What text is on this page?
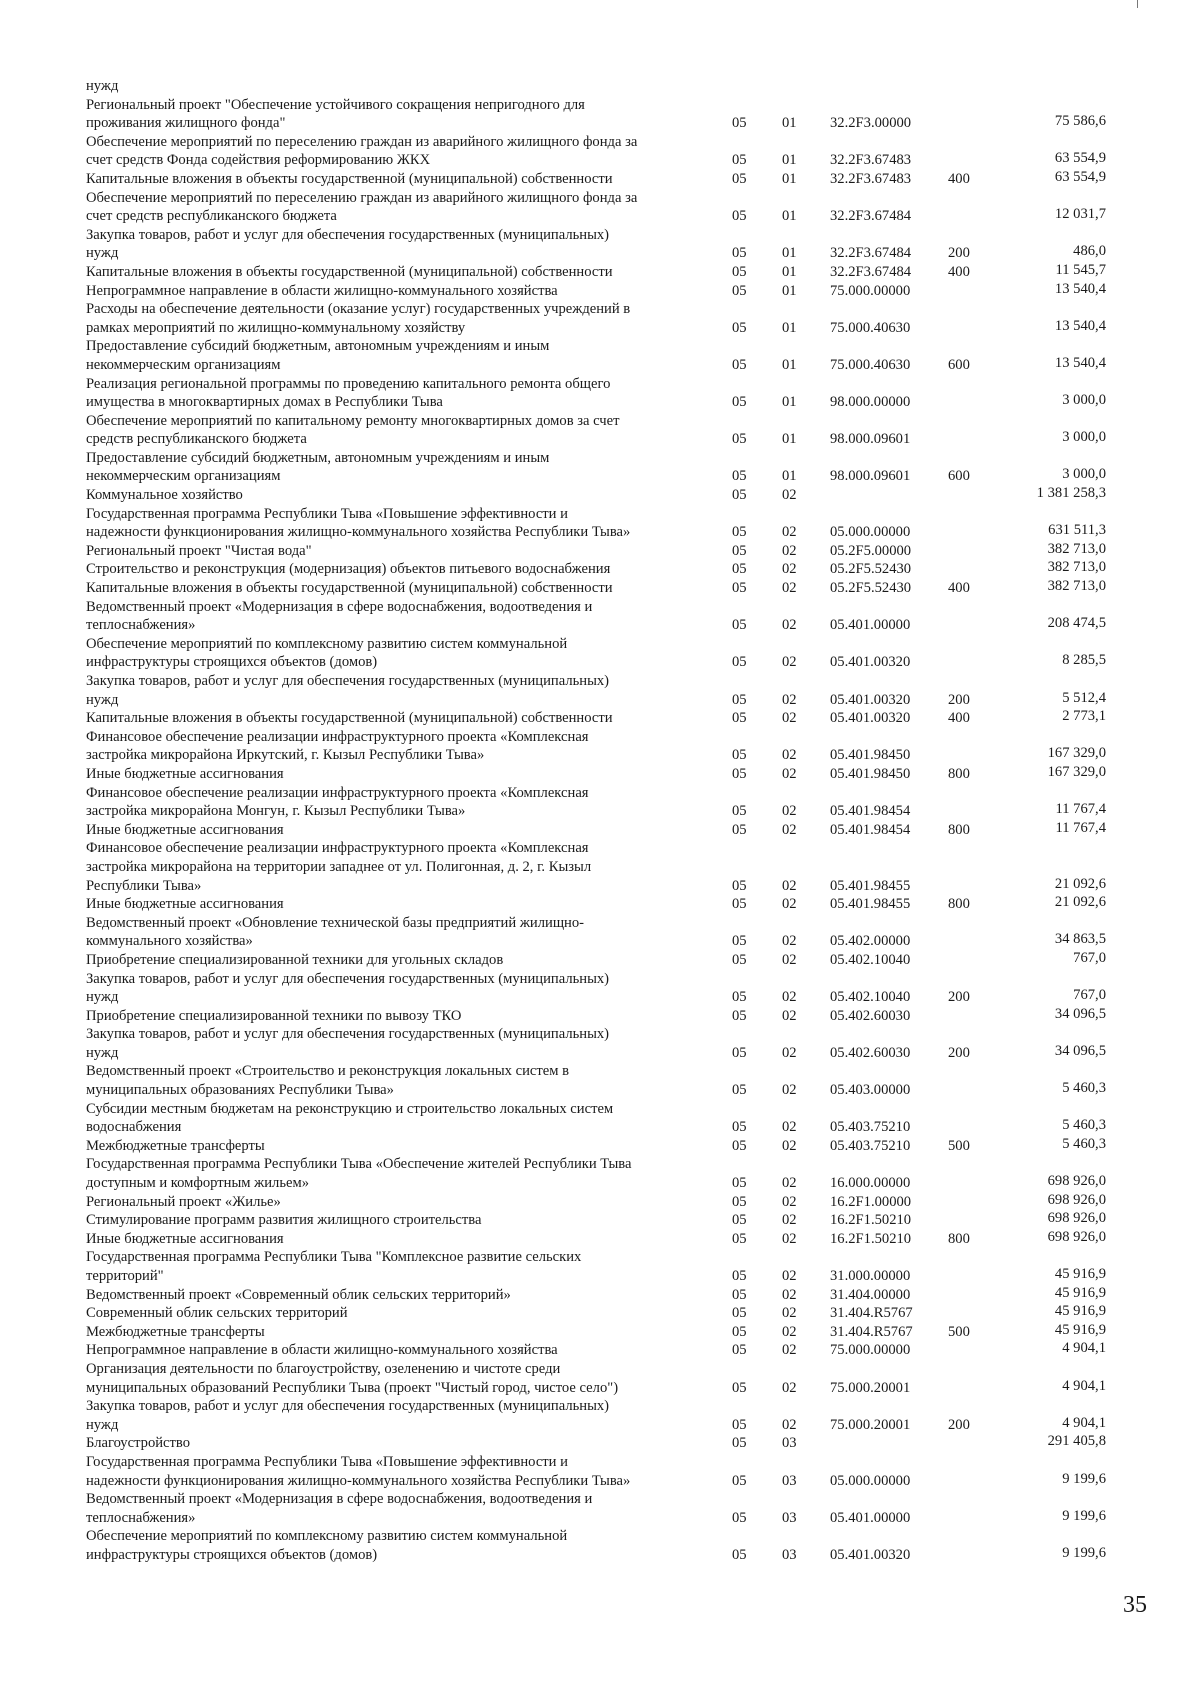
нужд
Региональный проект "Обеспечение устойчивого сокращения непригодного для
проживания жилищного фонда"	05 01 32.2F3.00000	75 586,6
Обеспечение мероприятий по переселению граждан из аварийного жилищного фонда за
счет средств Фонда содействия реформированию ЖКХ	05 01 32.2F3.67483	63 554,9
Капитальные вложения в объекты государственной (муниципальной) собственности	05 01 32.2F3.67483	400	63 554,9
Обеспечение мероприятий по переселению граждан из аварийного жилищного фонда за
счет средств республиканского бюджета	05 01 32.2F3.67484	12 031,7
Закупка товаров, работ и услуг для обеспечения государственных (муниципальных)
нужд	05 01 32.2F3.67484	200	486,0
Капитальные вложения в объекты государственной (муниципальной) собственности	05 01 32.2F3.67484	400	11 545,7
Непрограммное направление в области жилищно-коммунального хозяйства	05 01 75.000.00000	13 540,4
Расходы на обеспечение деятельности (оказание услуг) государственных учреждений в
рамках мероприятий по жилищно-коммунальному хозяйству	05 01 75.000.40630	13 540,4
Предоставление субсидий бюджетным, автономным учреждениям и иным
некоммерческим организациям	05 01 75.000.40630	600	13 540,4
Реализация региональной программы по проведению капитального ремонта общего
имущества в многоквартирных домах в Республики Тыва	05 01 98.000.00000	3 000,0
Обеспечение мероприятий по капитальному ремонту многоквартирных домов за счет
средств республиканского бюджета	05 01 98.000.09601	3 000,0
Предоставление субсидий бюджетным, автономным учреждениям и иным
некоммерческим организациям	05 01 98.000.09601	600	3 000,0
Коммунальное хозяйство	05 02	1 381 258,3
Государственная программа Республики Тыва «Повышение эффективности и
надежности функционирования жилищно-коммунального хозяйства Республики Тыва»	05 02 05.000.00000	631 511,3
Региональный проект "Чистая вода"	05 02 05.2F5.00000	382 713,0
Строительство и реконструкция (модернизация) объектов питьевого водоснабжения	05 02 05.2F5.52430	382 713,0
Капитальные вложения в объекты государственной (муниципальной) собственности	05 02 05.2F5.52430	400	382 713,0
Ведомственный проект «Модернизация в сфере водоснабжения, водоотведения и
теплоснабжения»	05 02 05.401.00000	208 474,5
Обеспечение мероприятий по комплексному развитию систем коммунальной
инфраструктуры строящихся объектов (домов)	05 02 05.401.00320	8 285,5
Закупка товаров, работ и услуг для обеспечения государственных (муниципальных)
нужд	05 02 05.401.00320	200	5 512,4
Капитальные вложения в объекты государственной (муниципальной) собственности	05 02 05.401.00320	400	2 773,1
Финансовое обеспечение реализации инфраструктурного проекта «Комплексная
застройка микрорайона Иркутский, г. Кызыл Республики Тыва»	05 02 05.401.98450	167 329,0
Иные бюджетные ассигнования	05 02 05.401.98450	800	167 329,0
Финансовое обеспечение реализации инфраструктурного проекта «Комплексная
застройка микрорайона Монгун, г. Кызыл Республики Тыва»	05 02 05.401.98454	11 767,4
Иные бюджетные ассигнования	05 02 05.401.98454	800	11 767,4
Финансовое обеспечение реализации инфраструктурного проекта «Комплексная
застройка микрорайона на территории западнее от ул. Полигонная, д. 2, г. Кызыл
Республики Тыва»	05 02 05.401.98455	21 092,6
Иные бюджетные ассигнования	05 02 05.401.98455	800	21 092,6
Ведомственный проект «Обновление технической базы предприятий жилищно-
коммунального хозяйства»	05 02 05.402.00000	34 863,5
Приобретение специализированной техники для угольных складов	05 02 05.402.10040	767,0
Закупка товаров, работ и услуг для обеспечения государственных (муниципальных)
нужд	05 02 05.402.10040	200	767,0
Приобретение специализированной техники по вывозу ТКО	05 02 05.402.60030	34 096,5
Закупка товаров, работ и услуг для обеспечения государственных (муниципальных)
нужд	05 02 05.402.60030	200	34 096,5
Ведомственный проект «Строительство и реконструкция локальных систем в
муниципальных образованиях Республики Тыва»	05 02 05.403.00000	5 460,3
Субсидии местным бюджетам на реконструкцию и строительство локальных систем
водоснабжения	05 02 05.403.75210	5 460,3
Межбюджетные трансферты	05 02 05.403.75210	500	5 460,3
Государственная программа Республики Тыва «Обеспечение жителей Республики Тыва
доступным и комфортным жильем»	05 02 16.000.00000	698 926,0
Региональный проект «Жилье»	05 02 16.2F1.00000	698 926,0
Стимулирование программ развития жилищного строительства	05 02 16.2F1.50210	698 926,0
Иные бюджетные ассигнования	05 02 16.2F1.50210	800	698 926,0
Государственная программа Республики Тыва "Комплексное развитие сельских
территорий"	05 02 31.000.00000	45 916,9
Ведомственный проект «Современный облик сельских территорий»	05 02 31.404.00000	45 916,9
Современный облик сельских территорий	05 02 31.404.R5767	45 916,9
Межбюджетные трансферты	05 02 31.404.R5767 500	45 916,9
Непрограммное направление в области жилищно-коммунального хозяйства	05 02 75.000.00000	4 904,1
Организация деятельности по благоустройству, озеленению и чистоте среди
муниципальных образований Республики Тыва (проект "Чистый город, чистое село")	05 02 75.000.20001	4 904,1
Закупка товаров, работ и услуг для обеспечения государственных (муниципальных)
нужд	05 02 75.000.20001	200	4 904,1
Благоустройство	05 03	291 405,8
Государственная программа Республики Тыва «Повышение эффективности и
надежности функционирования жилищно-коммунального хозяйства Республики Тыва»	05 03 05.000.00000	9 199,6
Ведомственный проект «Модернизация в сфере водоснабжения, водоотведения и
теплоснабжения»	05 03 05.401.00000	9 199,6
Обеспечение мероприятий по комплексному развитию систем коммунальной
инфраструктуры строящихся объектов (домов)	05 03 05.401.00320	9 199,6
35
